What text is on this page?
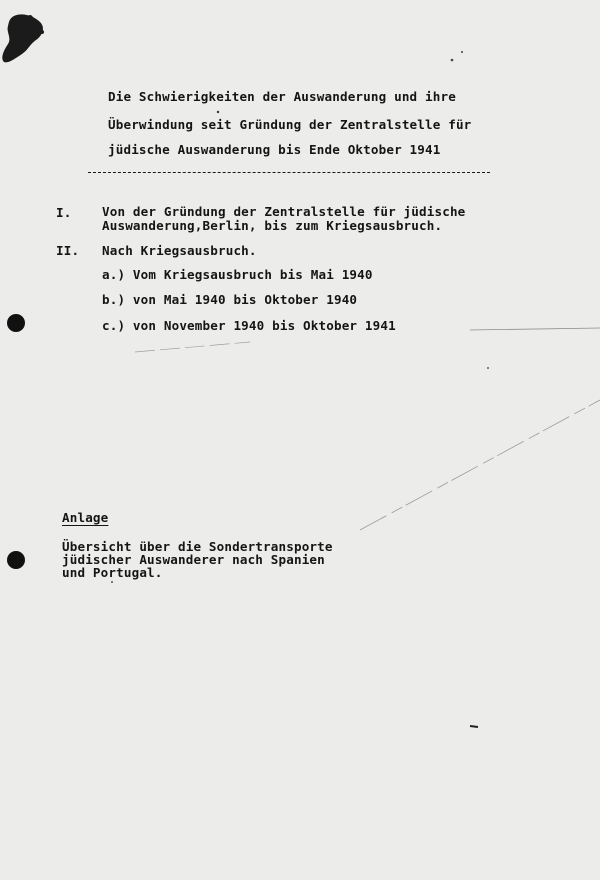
Die Schwierigkeiten der Auswanderung und ihre
Überwindung seit Gründung der Zentralstelle für
jüdische Auswanderung bis Ende Oktober 1941
I. Von der Gründung der Zentralstelle für jüdische
Auswanderung,Berlin, bis zum Kriegsausbruch.
II. Nach Kriegsausbruch.
a.) Vom Kriegsausbruch bis Mai 1940
b.) von Mai 1940 bis Oktober 1940
c.) von November 1940 bis Oktober 1941
Anlage
Übersicht über die Sondertransporte
jüdischer Auswanderer nach Spanien
und Portugal.
